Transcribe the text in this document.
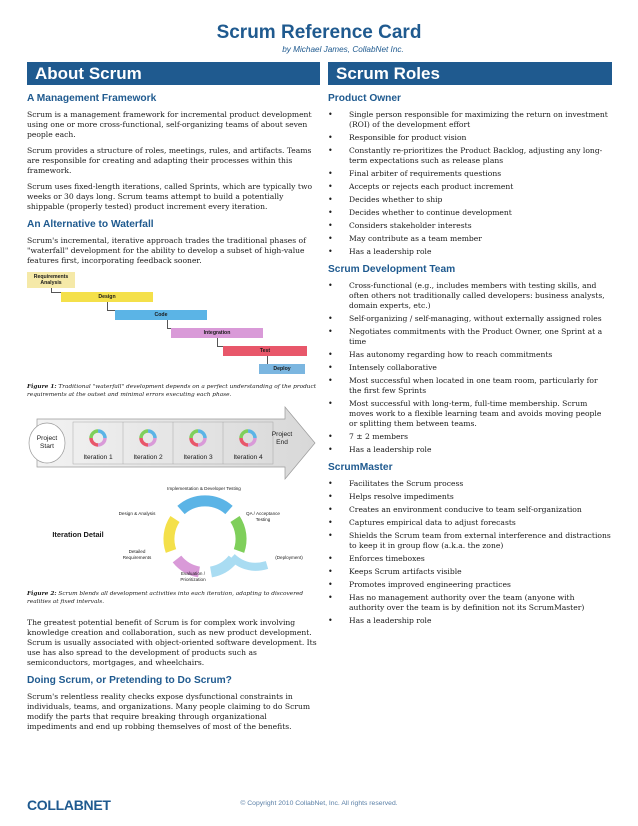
Scrum Reference Card
by Michael James, CollabNet Inc.
About Scrum	Scrum Roles
A Management Framework

Scrum is a management framework for incremental product development using one or more cross-functional, self-organizing teams of about seven people each.

Scrum provides a structure of roles, meetings, rules, and artifacts. Teams are responsible for creating and adapting their processes within this framework.

Scrum uses fixed-length iterations, called Sprints, which are typically two weeks or 30 days long. Scrum teams attempt to build a potentially shippable (properly tested) product increment every iteration.

An Alternative to Waterfall

Scrum's incremental, iterative approach trades the traditional phases of "waterfall" development for the ability to develop a subset of high-value features first, incorporating feedback sooner.

Requirements Analysis
Design
Code
Integration
Test
Deploy

Figure 1: Traditional "waterfall" development depends on a perfect understanding of the product requirements at the outset and minimal errors executing each phase.

Project Start
Project End
Iteration 1	Iteration 2	Iteration 3	Iteration 4
Iteration Detail
Implementation & Developer Testing
Design & Analysis	QA / Acceptance Testing
Detailed Requirements	(Deployment)
Evaluation / Prioritization

Figure 2: Scrum blends all development activities into each iteration, adapting to discovered realities at fixed intervals.

The greatest potential benefit of Scrum is for complex work involving knowledge creation and collaboration, such as new product development. Scrum is usually associated with object-oriented software development. Its use has also spread to the development of products such as semiconductors, mortgages, and wheelchairs.

Doing Scrum, or Pretending to Do Scrum?

Scrum's relentless reality checks expose dysfunctional constraints in individuals, teams, and organizations. Many people claiming to do Scrum modify the parts that require breaking through organizational impediments and end up robbing themselves of most of the benefits.

Product Owner
• Single person responsible for maximizing the return on investment (ROI) of the development effort
• Responsible for product vision
• Constantly re-prioritizes the Product Backlog, adjusting any long-term expectations such as release plans
• Final arbiter of requirements questions
• Accepts or rejects each product increment
• Decides whether to ship
• Decides whether to continue development
• Considers stakeholder interests
• May contribute as a team member
• Has a leadership role
Scrum Development Team
• Cross-functional (e.g., includes members with testing skills, and often others not traditionally called developers: business analysts, domain experts, etc.)
• Self-organizing / self-managing, without externally assigned roles
• Negotiates commitments with the Product Owner, one Sprint at a time
• Has autonomy regarding how to reach commitments
• Intensely collaborative
• Most successful when located in one team room, particularly for the first few Sprints
• Most successful with long-term, full-time membership. Scrum moves work to a flexible learning team and avoids moving people or splitting them between teams.
• 7 ± 2 members
• Has a leadership role
ScrumMaster
• Facilitates the Scrum process
• Helps resolve impediments
• Creates an environment conducive to team self-organization
• Captures empirical data to adjust forecasts
• Shields the Scrum team from external interference and distractions to keep it in group flow (a.k.a. the zone)
• Enforces timeboxes
• Keeps Scrum artifacts visible
• Promotes improved engineering practices
• Has no management authority over the team (anyone with authority over the team is by definition not its ScrumMaster)
• Has a leadership role
COLLABNET	© Copyright 2010 CollabNet, Inc. All rights reserved.
